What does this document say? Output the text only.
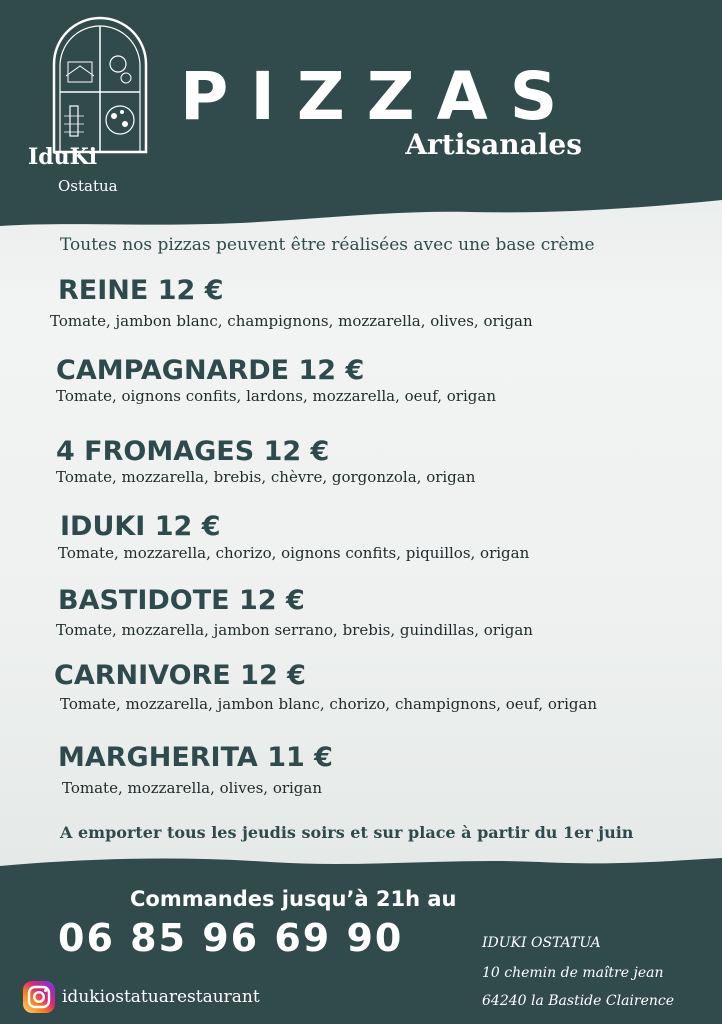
IduKi
Ostatua
PIZZAS
Artisanales
Toutes nos pizzas peuvent être réalisées avec une base crème
REINE 12 €
Tomate, jambon blanc, champignons, mozzarella, olives, origan
CAMPAGNARDE 12 €
Tomate, oignons confits, lardons, mozzarella, oeuf, origan
4 FROMAGES 12 €
Tomate, mozzarella, brebis, chèvre, gorgonzola, origan
IDUKI 12 €
Tomate, mozzarella, chorizo, oignons confits, piquillos, origan
BASTIDOTE 12 €
Tomate, mozzarella, jambon serrano, brebis, guindillas, origan
CARNIVORE 12 €
Tomate, mozzarella, jambon blanc, chorizo, champignons, oeuf, origan
MARGHERITA 11 €
Tomate, mozzarella, olives, origan
A emporter tous les jeudis soirs et sur place à partir du 1er juin
Commandes jusqu’à 21h au
06 85 96 69 90
idukiostatuarestaurant
IDUKI OSTATUA
10 chemin de maître jean
64240 la Bastide Clairence
